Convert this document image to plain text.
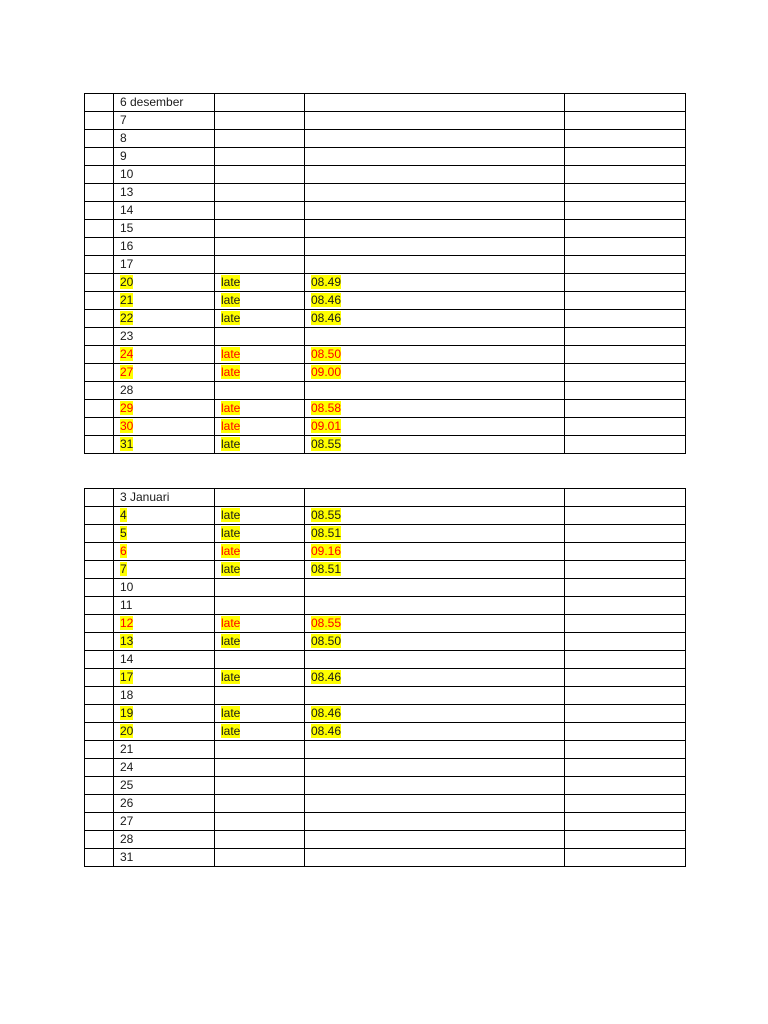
	6 desember			
	7			
	8			
	9			
	10			
	13			
	14			
	15			
	16			
	17			
	20	late	08.49	
	21	late	08.46	
	22	late	08.46	
	23			
	24	late	08.50	
	27	late	09.00	
	28			
	29	late	08.58	
	30	late	09.01	
	31	late	08.55	
	3 Januari			
	4	late	08.55	
	5	late	08.51	
	6	late	09.16	
	7	late	08.51	
	10			
	11			
	12	late	08.55	
	13	late	08.50	
	14			
	17	late	08.46	
	18			
	19	late	08.46	
	20	late	08.46	
	21			
	24			
	25			
	26			
	27			
	28			
	31			
